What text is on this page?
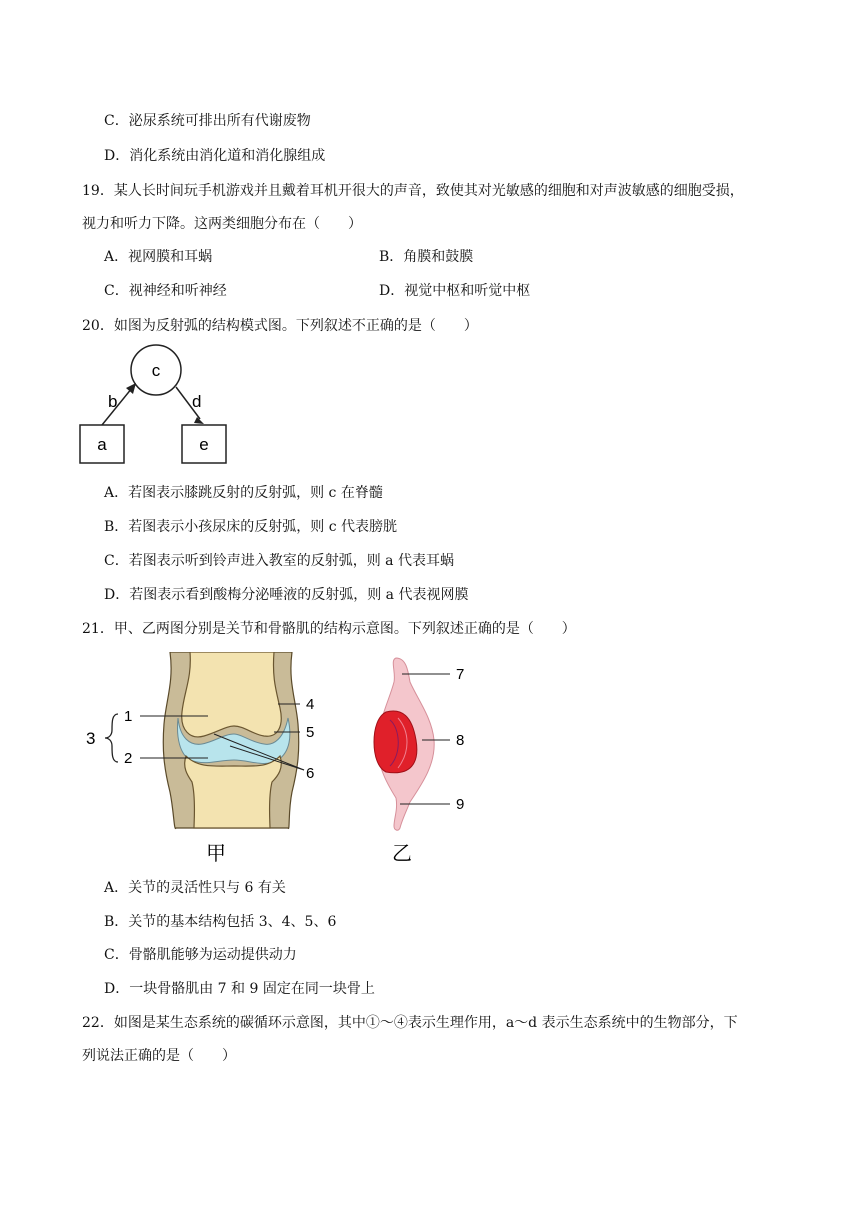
C．泌尿系统可排出所有代谢废物
D．消化系统由消化道和消化腺组成
19．某人长时间玩手机游戏并且戴着耳机开很大的声音，致使其对光敏感的细胞和对声波敏感的细胞受损，
视力和听力下降。这两类细胞分布在（　　）
A．视网膜和耳蜗	B．角膜和鼓膜
C．视神经和听神经	D．视觉中枢和听觉中枢
20．如图为反射弧的结构模式图。下列叙述不正确的是（　　）
c
a	e
b	d
A．若图表示膝跳反射的反射弧，则 c 在脊髓
B．若图表示小孩尿床的反射弧，则 c 代表膀胱
C．若图表示听到铃声进入教室的反射弧，则 a 代表耳蜗
D．若图表示看到酸梅分泌唾液的反射弧，则 a 代表视网膜
21．甲、乙两图分别是关节和骨骼肌的结构示意图。下列叙述正确的是（　　）
1
2
3
4
5
6
甲
7
8
9
乙
A．关节的灵活性只与 6 有关
B．关节的基本结构包括 3、4、5、6
C．骨骼肌能够为运动提供动力
D．一块骨骼肌由 7 和 9 固定在同一块骨上
22．如图是某生态系统的碳循环示意图，其中①～④表示生理作用，a～d 表示生态系统中的生物部分，下
列说法正确的是（　　）
